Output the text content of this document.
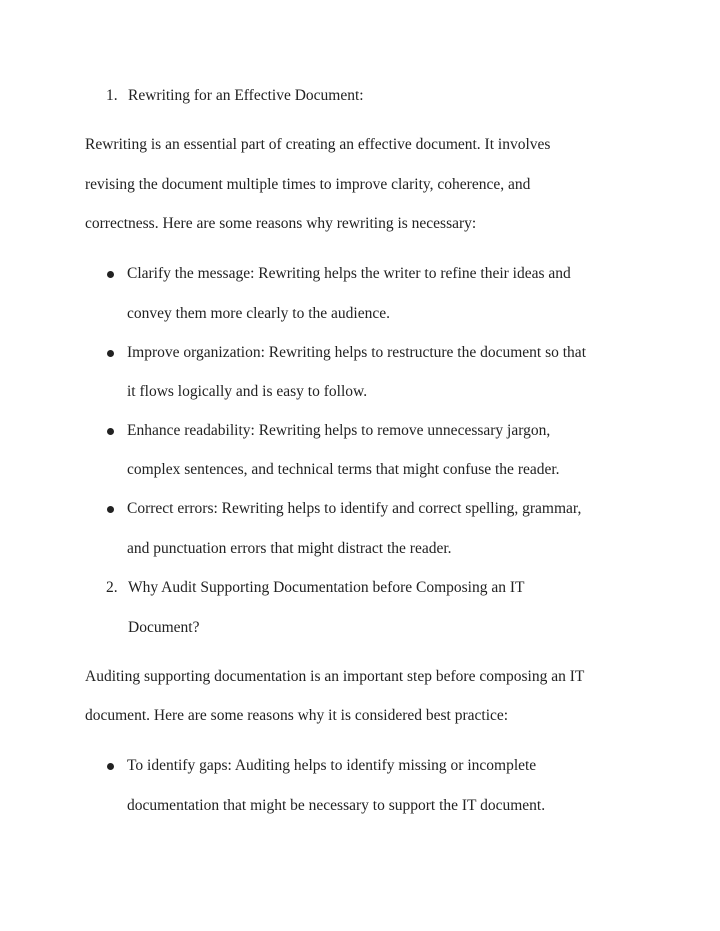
1. Rewriting for an Effective Document:
Rewriting is an essential part of creating an effective document. It involves
revising the document multiple times to improve clarity, coherence, and
correctness. Here are some reasons why rewriting is necessary:
Clarify the message: Rewriting helps the writer to refine their ideas and
convey them more clearly to the audience.
Improve organization: Rewriting helps to restructure the document so that
it flows logically and is easy to follow.
Enhance readability: Rewriting helps to remove unnecessary jargon,
complex sentences, and technical terms that might confuse the reader.
Correct errors: Rewriting helps to identify and correct spelling, grammar,
and punctuation errors that might distract the reader.
2. Why Audit Supporting Documentation before Composing an IT
Document?
Auditing supporting documentation is an important step before composing an IT
document. Here are some reasons why it is considered best practice:
To identify gaps: Auditing helps to identify missing or incomplete
documentation that might be necessary to support the IT document.
